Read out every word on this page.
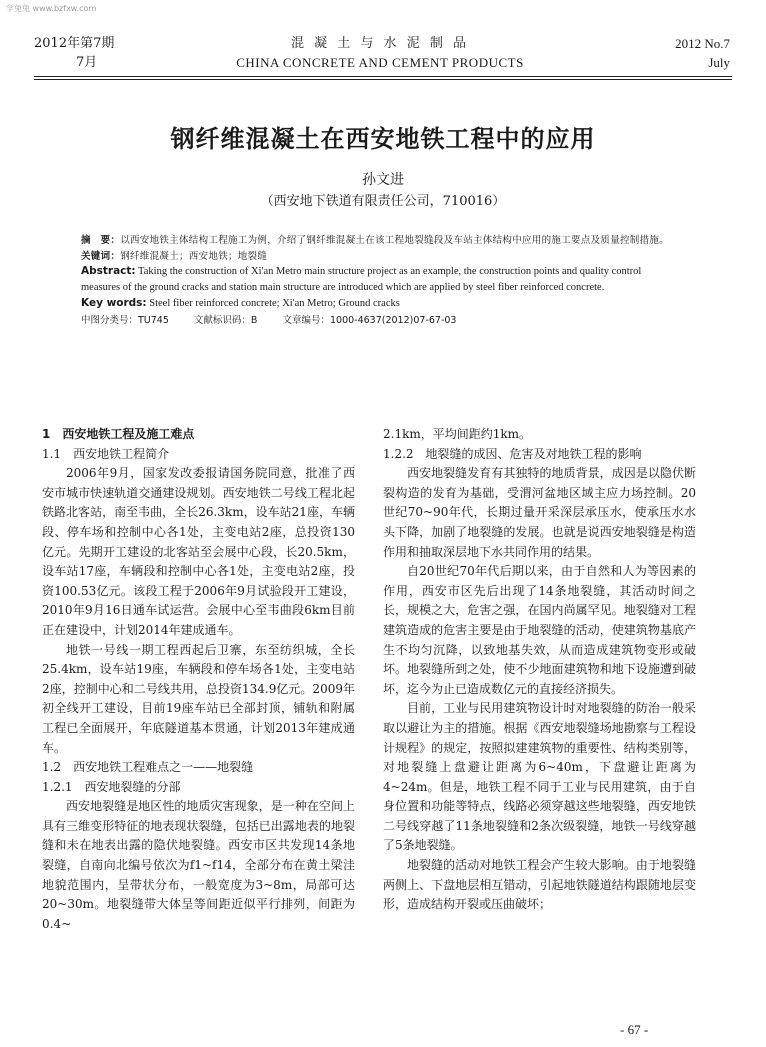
学兔兔 www.bzfxw.com
2012年第7期
7月
混 凝 土 与 水 泥 制 品
CHINA CONCRETE AND CEMENT PRODUCTS
2012 No.7
July
钢纤维混凝土在西安地铁工程中的应用
孙文进
（西安地下铁道有限责任公司，710016）

摘　要：以西安地铁主体结构工程施工为例，介绍了钢纤维混凝土在该工程地裂缝段及车站主体结构中应用的施工要点及质量控制措施。

关键词：钢纤维混凝土；西安地铁；地裂缝

Abstract: Taking the construction of Xi'an Metro main structure project as an example, the construction points and quality control measures of the ground cracks and station main structure are introduced which are applied by steel fiber reinforced concrete.

Key words: Steel fiber reinforced concrete; Xi'an Metro; Ground cracks

中图分类号：TU745	文献标识码：B	文章编号：1000-4637(2012)07-67-03

1　西安地铁工程及施工难点

1.1　西安地铁工程简介

2006年9月，国家发改委报请国务院同意，批准了西安市城市快速轨道交通建设规划。西安地铁二号线工程北起铁路北客站，南至韦曲，全长26.3km，设车站21座，车辆段、停车场和控制中心各1处，主变电站2座，总投资130亿元。先期开工建设的北客站至会展中心段，长20.5km，设车站17座，车辆段和控制中心各1处，主变电站2座，投资100.53亿元。该段工程于2006年9月试验段开工建设，2010年9月16日通车试运营。会展中心至韦曲段6km目前正在建设中，计划2014年建成通车。

地铁一号线一期工程西起后卫寨，东至纺织城，全长25.4km，设车站19座，车辆段和停车场各1处，主变电站2座，控制中心和二号线共用，总投资134.9亿元。2009年初全线开工建设，目前19座车站已全部封顶，铺轨和附属工程已全面展开，年底隧道基本贯通，计划2013年建成通车。

1.2　西安地铁工程难点之一——地裂缝

1.2.1　西安地裂缝的分部

西安地裂缝是地区性的地质灾害现象，是一种在空间上具有三维变形特征的地表现状裂缝，包括已出露地表的地裂缝和未在地表出露的隐伏地裂缝。西安市区共发现14条地裂缝，自南向北编号依次为f1~f14，全部分布在黄土梁洼地貌范围内，呈带状分布，一般宽度为3~8m，局部可达20~30m。地裂缝带大体呈等间距近似平行排列，间距为0.4~

2.1km，平均间距约1km。

1.2.2　地裂缝的成因、危害及对地铁工程的影响

西安地裂缝发育有其独特的地质背景，成因是以隐伏断裂构造的发育为基础，受渭河盆地区域主应力场控制。20世纪70~90年代，长期过量开采深层承压水，使承压水水头下降，加剧了地裂缝的发展。也就是说西安地裂缝是构造作用和抽取深层地下水共同作用的结果。

自20世纪70年代后期以来，由于自然和人为等因素的作用，西安市区先后出现了14条地裂缝，其活动时间之长，规模之大，危害之强，在国内尚属罕见。地裂缝对工程建筑造成的危害主要是由于地裂缝的活动，使建筑物基底产生不均匀沉降，以致地基失效，从而造成建筑物变形或破坏。地裂缝所到之处，使不少地面建筑物和地下设施遭到破坏，迄今为止已造成数亿元的直接经济损失。

目前，工业与民用建筑物设计时对地裂缝的防治一般采取以避让为主的措施。根据《西安地裂缝场地勘察与工程设计规程》的规定，按照拟建建筑物的重要性、结构类别等，对地裂缝上盘避让距离为6~40m，下盘避让距离为4~24m。但是，地铁工程不同于工业与民用建筑，由于自身位置和功能等特点，线路必须穿越这些地裂缝，西安地铁二号线穿越了11条地裂缝和2条次级裂缝，地铁一号线穿越了5条地裂缝。

地裂缝的活动对地铁工程会产生较大影响。由于地裂缝两侧上、下盘地层相互错动，引起地铁隧道结构跟随地层变形，造成结构开裂或压曲破坏；

- 67 -
